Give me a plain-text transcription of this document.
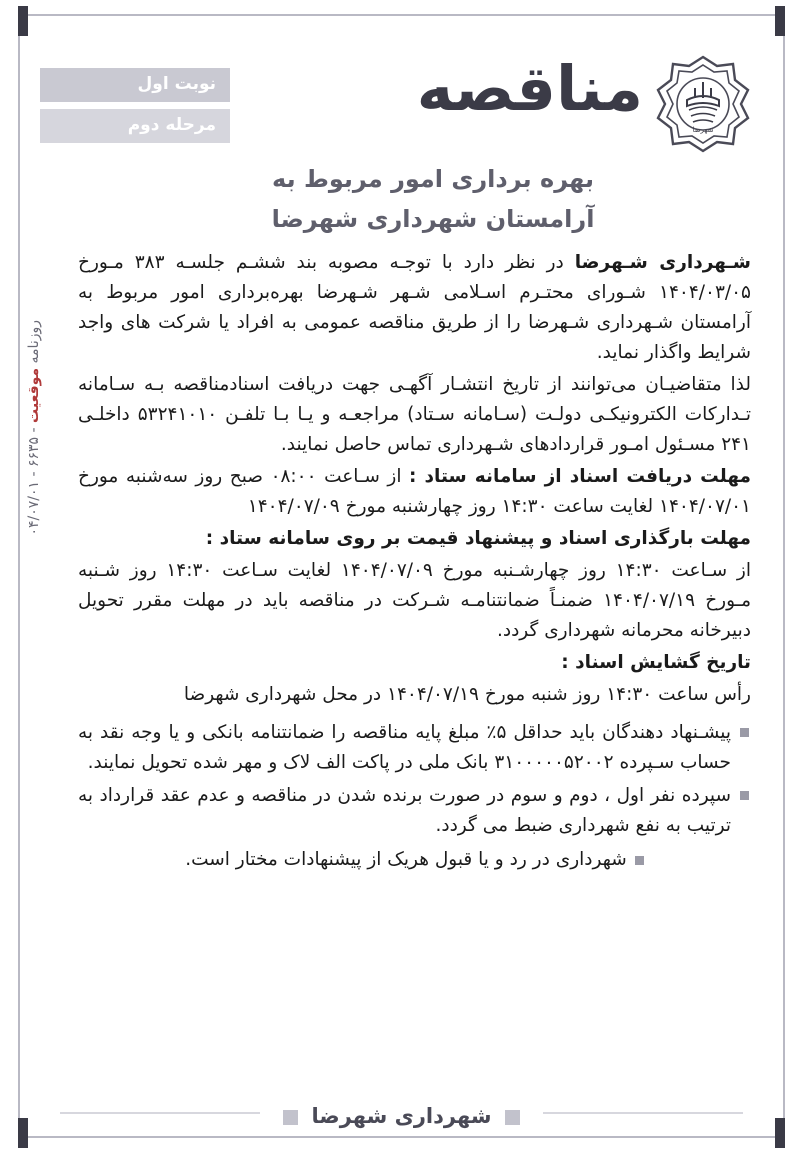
شهرضا
مناقصه
بهره برداری امور مربوط به
آرامستان شهرداری شهرضا
نوبت اول
مرحله دوم

شـهرداری شـهرضا در نظر دارد با توجـه مصوبه بند ششـم جلسـه ۳۸۳ مـورخ ۱۴۰۴/۰۳/۰۵ شـورای محتـرم اسـلامی شـهر شـهرضا بهره‌برداری امور مربوط به آرامستان شـهرداری شـهرضا را از طریق مناقصه عمومی به افراد یا شرکت های واجد شرایط واگذار نماید.

لذا متقاضیـان می‌توانند از تاریخ انتشـار آگهـی جهت دریافت اسنادمناقصه بـه سـامانه تـدارکات الکترونیکـی دولـت (سـامانه سـتاد) مراجعـه و یـا بـا تلفـن ۵۳۲۴۱۰۱۰ داخلـی ۲۴۱ مسـئول امـور قراردادهای شـهرداری تماس حاصل نمایند.

مهلت دریافت اسناد از سامانه ستاد : از سـاعت ۰۸:۰۰ صبح روز سه‌شنبه مورخ ۱۴۰۴/۰۷/۰۱ لغایت ساعت ۱۴:۳۰ روز چهارشنبه مورخ ۱۴۰۴/۰۷/۰۹

مهلت بارگذاری اسناد و پیشنهاد قیمت بر روی سامانه ستاد :

از سـاعت ۱۴:۳۰ روز چهارشـنبه مورخ ۱۴۰۴/۰۷/۰۹ لغایت سـاعت ۱۴:۳۰ روز شـنبه مـورخ ۱۴۰۴/۰۷/۱۹ ضمنـاً ضمانتنامـه شـرکت در مناقصه باید در مهلت مقرر تحویل دبیرخانه محرمانه شهرداری گردد.

تاریخ گشایش اسناد :

رأس ساعت ۱۴:۳۰ روز شنبه مورخ ۱۴۰۴/۰۷/۱۹ در محل شهرداری شهرضا

پیشـنهاد دهندگان باید حداقل ۵٪ مبلغ پایه مناقصه را ضمانتنامه بانکی و یا وجه نقد به حساب سـپرده ۳۱۰۰۰۰۰۵۲۰۰۲ بانک ملی در پاکت الف لاک و مهر شده تحویل نمایند.
سپرده نفر اول ، دوم و سوم در صورت برنده شدن در مناقصه و عدم عقد قرارداد به ترتیب به نفع شهرداری ضبط می گردد.
شهرداری در رد و یا قبول هریک از پیشنهادات مختار است.
روزنامه موقعیت - ۶۶۳۵ - ۰۴/۰۷/۰۱
شهرداری شهرضا
